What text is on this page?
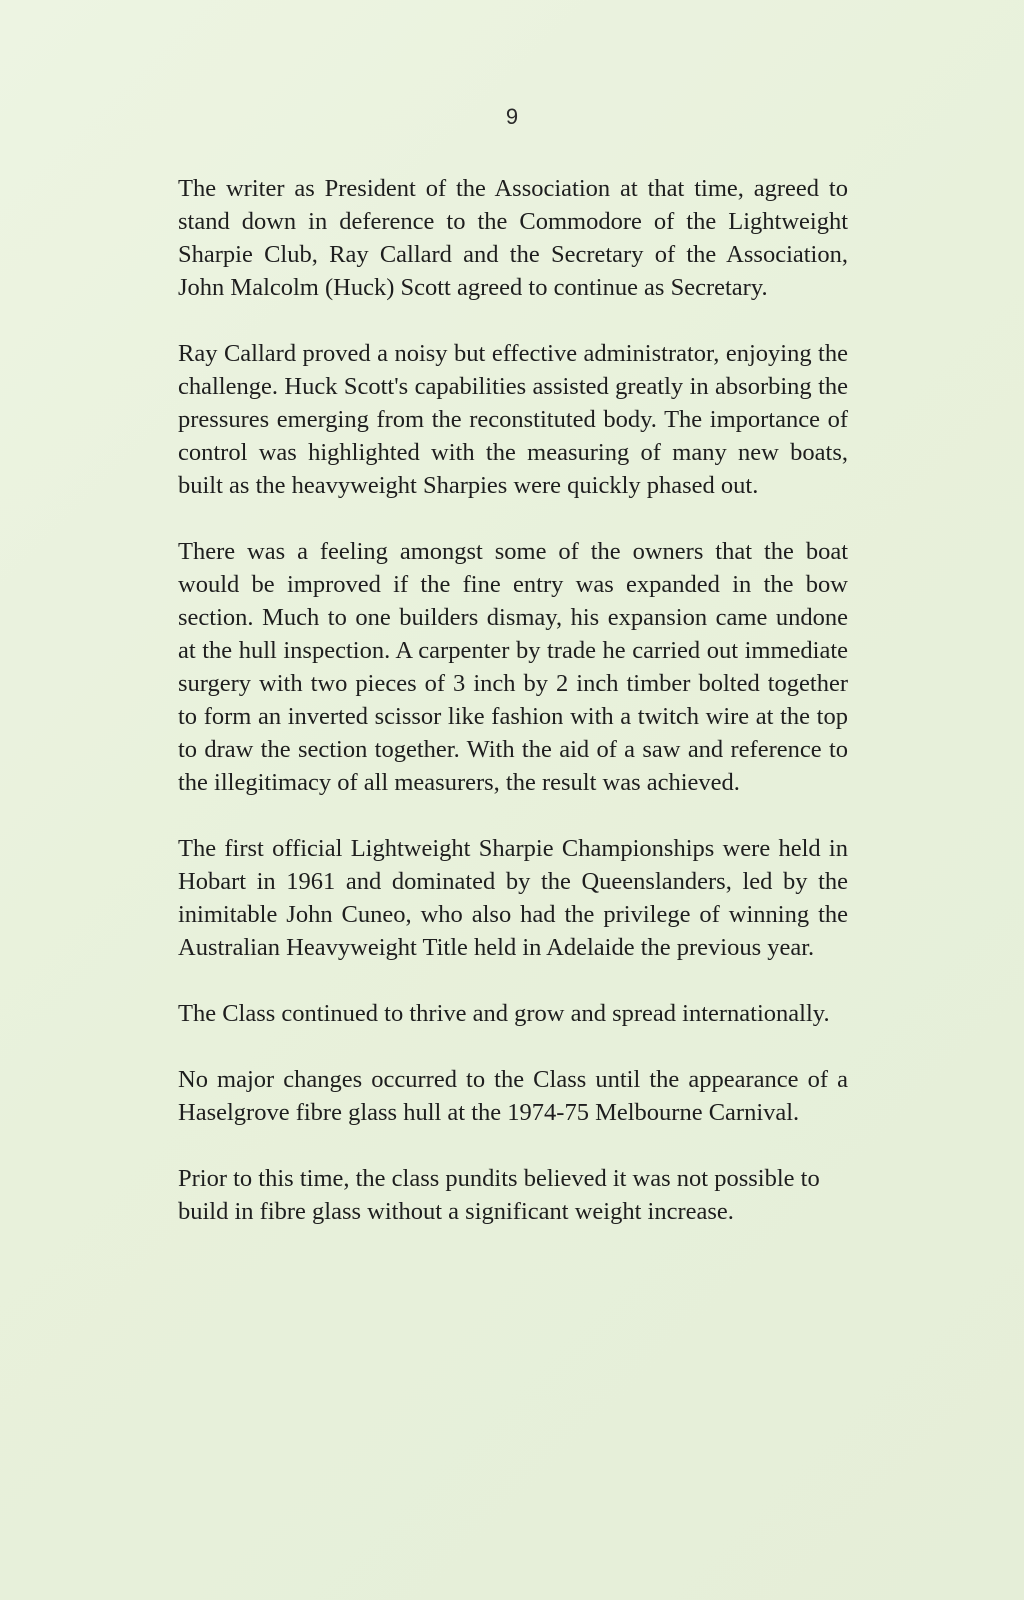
9

The writer as President of the Association at that time, agreed to stand down in deference to the Commodore of the Lightweight Sharpie Club, Ray Callard and the Secretary of the Association, John Malcolm (Huck) Scott agreed to continue as Secretary.

Ray Callard proved a noisy but effective administrator, enjoying the challenge. Huck Scott's capabilities assisted greatly in absorbing the pressures emerging from the reconstituted body. The importance of control was highlighted with the measuring of many new boats, built as the heavyweight Sharpies were quickly phased out.

There was a feeling amongst some of the owners that the boat would be improved if the fine entry was expanded in the bow section. Much to one builders dismay, his expansion came undone at the hull inspection. A carpenter by trade he carried out immediate surgery with two pieces of 3 inch by 2 inch timber bolted together to form an inverted scissor like fashion with a twitch wire at the top to draw the section together. With the aid of a saw and reference to the illegitimacy of all measurers, the result was achieved.

The first official Lightweight Sharpie Championships were held in Hobart in 1961 and dominated by the Queenslanders, led by the inimitable John Cuneo, who also had the privilege of winning the Australian Heavyweight Title held in Adelaide the previous year.

The Class continued to thrive and grow and spread internationally.

No major changes occurred to the Class until the appearance of a Haselgrove fibre glass hull at the 1974-75 Melbourne Carnival.

Prior to this time, the class pundits believed it was not possible to build in fibre glass without a significant weight increase.
